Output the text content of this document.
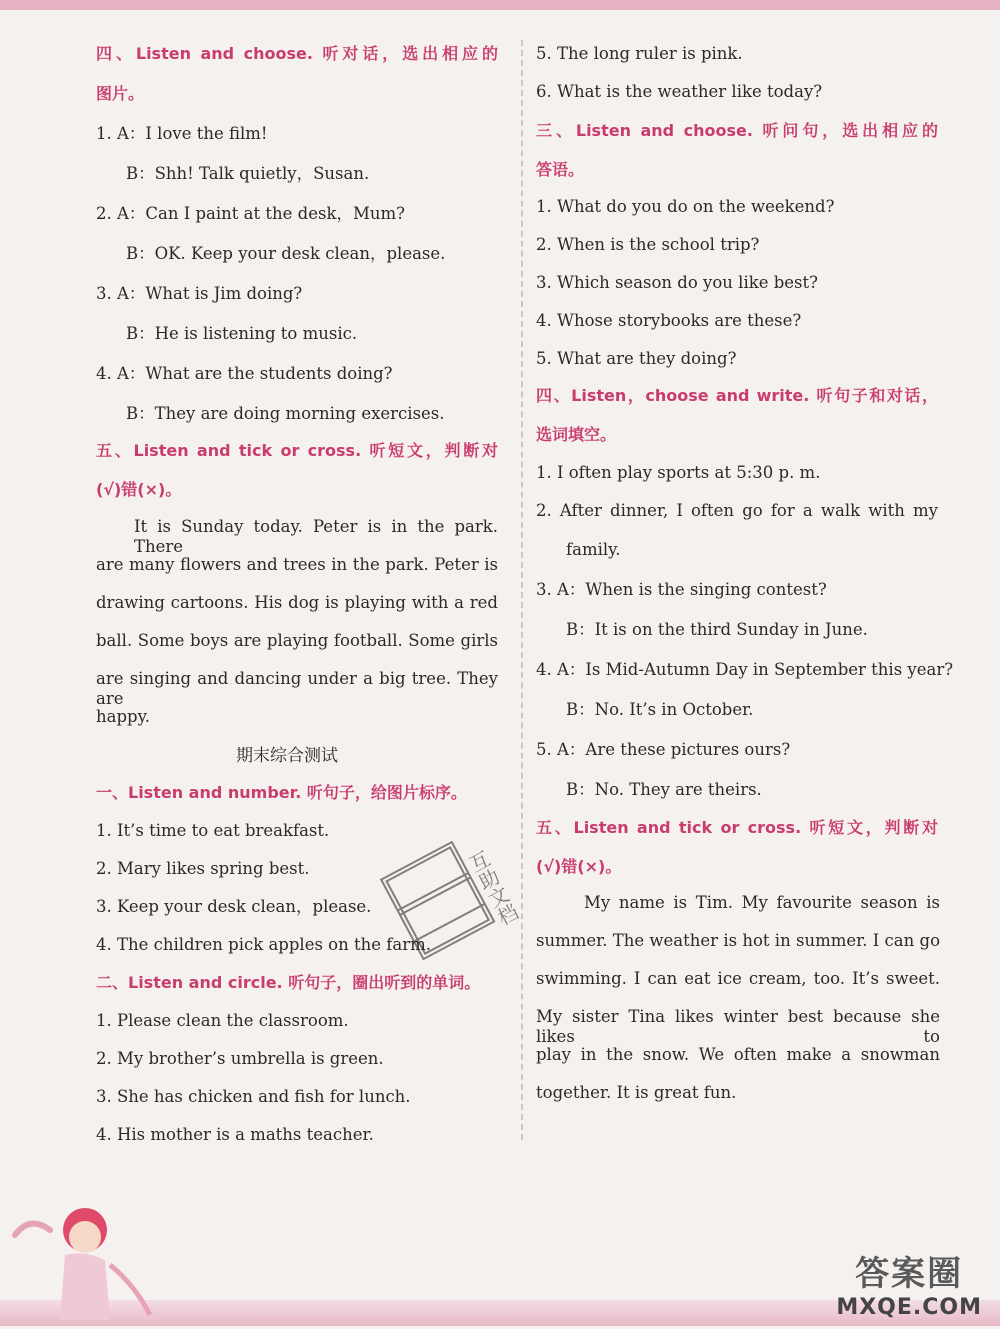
四、Listen and choose. 听对话，选出相应的
图片。
1. A：I love the film!
B：Shh! Talk quietly，Susan.
2. A：Can I paint at the desk，Mum?
B：OK. Keep your desk clean，please.
3. A：What is Jim doing?
B：He is listening to music.
4. A：What are the students doing?
B：They are doing morning exercises.
五、Listen and tick or cross. 听短文，判断对
(√)错(×)。
It is Sunday today. Peter is in the park. There
are many flowers and trees in the park. Peter is
drawing cartoons. His dog is playing with a red
ball. Some boys are playing football. Some girls
are singing and dancing under a big tree. They are
happy.
期末综合测试
一、Listen and number. 听句子，给图片标序。
1. It’s time to eat breakfast.
2. Mary likes spring best.
3. Keep your desk clean，please.
4. The children pick apples on the farm.
二、Listen and circle. 听句子，圈出听到的单词。
1. Please clean the classroom.
2. My brother’s umbrella is green.
3. She has chicken and fish for lunch.
4. His mother is a maths teacher.
5. The long ruler is pink.
6. What is the weather like today?
三、Listen and choose. 听问句，选出相应的
答语。
1. What do you do on the weekend?
2. When is the school trip?
3. Which season do you like best?
4. Whose storybooks are these?
5. What are they doing?
四、Listen，choose and write. 听句子和对话，
选词填空。
1. I often play sports at 5:30 p. m.
2. After dinner, I often go for a walk with my
family.
3. A：When is the singing contest?
B：It is on the third Sunday in June.
4. A：Is Mid-Autumn Day in September this year?
B：No. It’s in October.
5. A：Are these pictures ours?
B：No. They are theirs.
五、Listen and tick or cross. 听短文，判断对
(√)错(×)。
My name is Tim. My favourite season is
summer. The weather is hot in summer. I can go
swimming. I can eat ice cream, too. It’s sweet.
My sister Tina likes winter best because she likes to
play in the snow. We often make a snowman
together. It is great fun.
互助文档
答案圈
MXQE.COM
